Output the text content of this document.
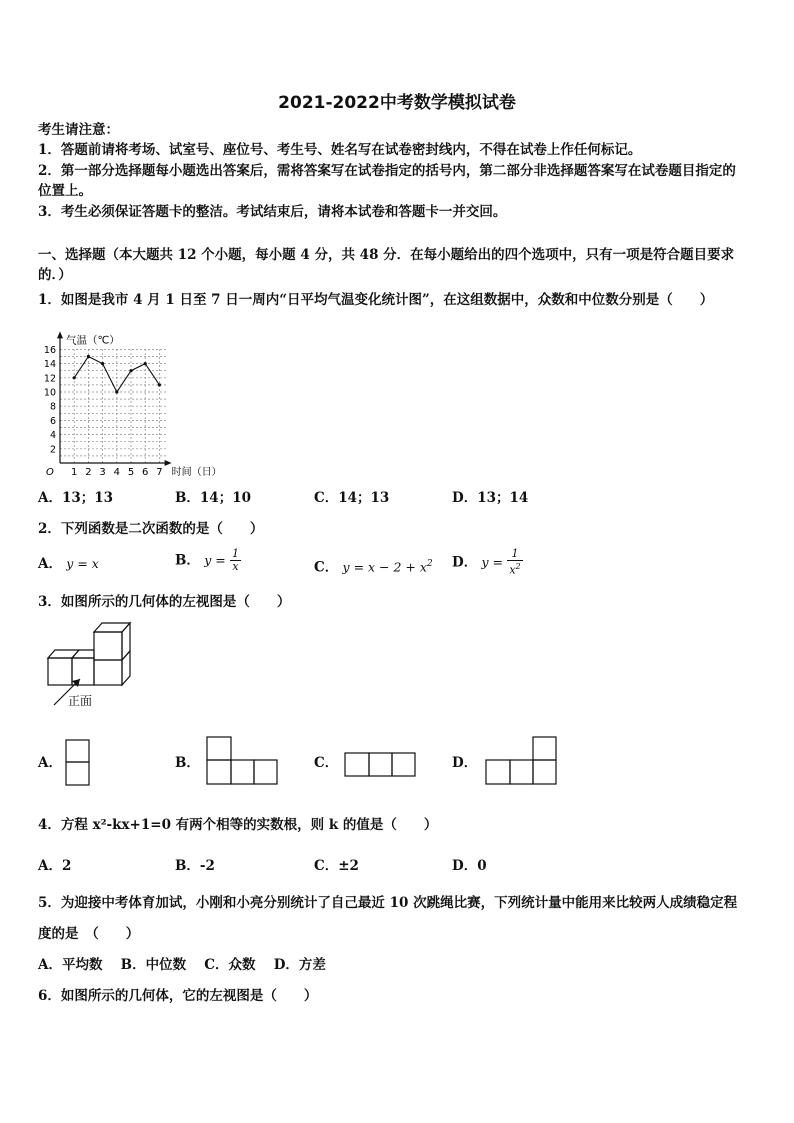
2021-2022中考数学模拟试卷
考生请注意：
1．答题前请将考场、试室号、座位号、考生号、姓名写在试卷密封线内，不得在试卷上作任何标记。
2．第一部分选择题每小题选出答案后，需将答案写在试卷指定的括号内，第二部分非选择题答案写在试卷题目指定的
位置上。
3．考生必须保证答题卡的整洁。考试结束后，请将本试卷和答题卡一并交回。
一、选择题（本大题共 12 个小题，每小题 4 分，共 48 分．在每小题给出的四个选项中，只有一项是符合题目要求
的．）
1．如图是我市 4 月 1 日至 7 日一周内“日平均气温变化统计图”，在这组数据中，众数和中位数分别是（　　）
1 2 3 4 5 6 7
2
4
6
8
10
12
14
16
O
气温（℃）
时间（日）
A．13；13	B．14；10	C．14；13	D．13；14
2．下列函数是二次函数的是（　　）
A． y = x	B． $y = \frac{1}{x}$	C． $y = x - 2 + x^2$ D． $y = \frac{1}{x^2}$
3．如图所示的几何体的左视图是（　　）
正面
A．	B．	C．	D．
4．方程 x²-kx+1=0 有两个相等的实数根，则 k 的值是（　　）
A．2	B．-2	C．±2	D．0
5．为迎接中考体育加试，小刚和小亮分别统计了自己最近 10 次跳绳比赛，下列统计量中能用来比较两人成绩稳定程
度的是　（　　）
A．平均数　 B．中位数　 C．众数　 D．方差
6．如图所示的几何体，它的左视图是（　　）
